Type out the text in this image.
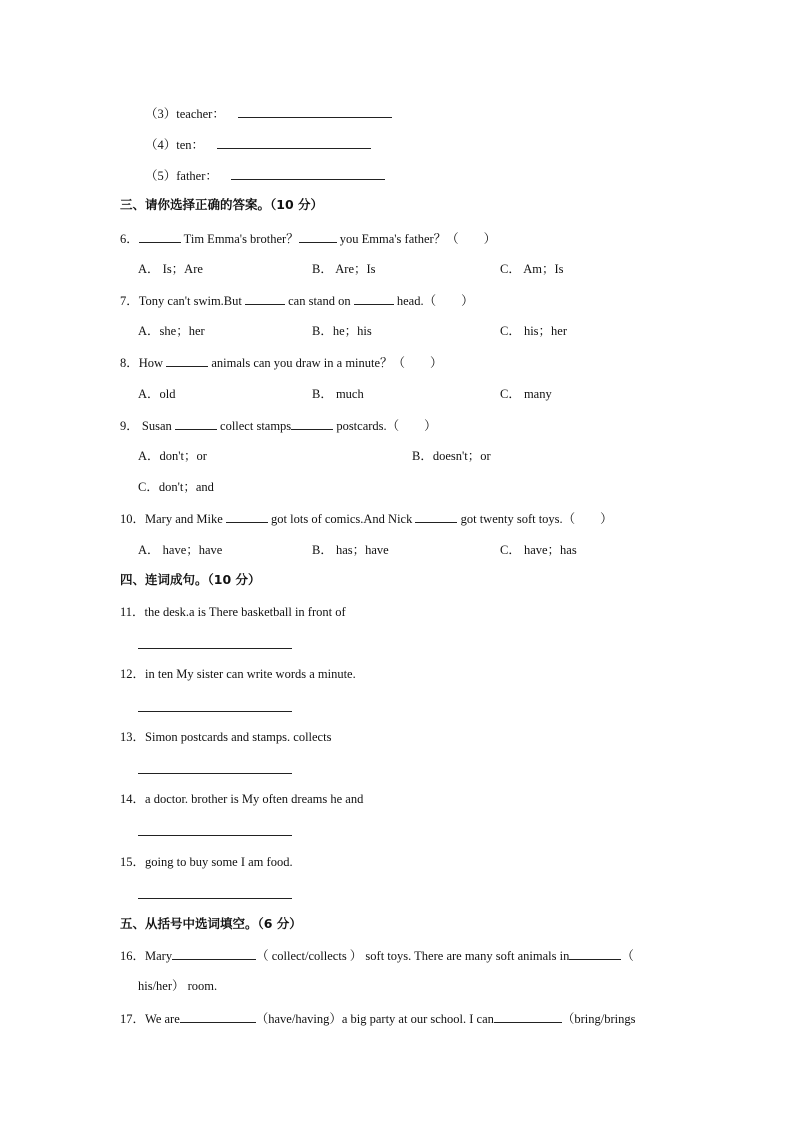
（3）teacher：
（4）ten：
（5）father：
三、请你选择正确的答案。（10 分）
6．	Tim Emma's brother？	you Emma's father？（　　）
A． Is；Are	B． Are；Is	C． Am；Is
7．Tony can't swim.But	can stand on	head.（　　）
A．she；her	B．he；his	C． his；her
8．How	animals can you draw in a minute？（　　）
A．old	B． much	C． many
9． Susan	collect stamps	postcards.（　　）
A．don't；or	B．doesn't；or
C．don't；and
10．Mary and Mike	got lots of comics.And Nick	got twenty soft toys.（　　）
A． have；have	B． has；have	C． have；has
四、连词成句。（10 分）
11．the desk.a is There basketball in front of
12．in ten My sister can write words a minute.
13．Simon postcards and stamps. collects
14．a doctor. brother is My often dreams he and
15．going to buy some I am food.
五、从括号中选词填空。（6 分）
16．Mary	（ collect/collects ） soft toys. There are many soft animals in	（
his/her） room.
17．We are	（have/having）a big party at our school. I can	（bring/brings
